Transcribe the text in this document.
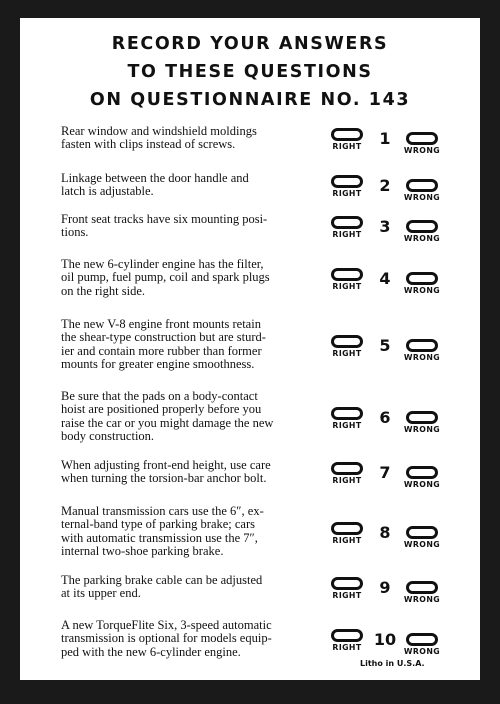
RECORD YOUR ANSWERS
TO THESE QUESTIONS
ON QUESTIONNAIRE NO. 143
Rear window and windshield moldings
fasten with clips instead of screws.	RIGHT	1
WRONG
Linkage between the door handle and
latch is adjustable.	RIGHT	2
WRONG
Front seat tracks have six mounting posi-
tions.	RIGHT	3
WRONG
The new 6-cylinder engine has the filter,
oil pump, fuel pump, coil and spark plugs
on the right side.	RIGHT	4
WRONG
The new V-8 engine front mounts retain
the shear-type construction but are sturd-
ier and contain more rubber than former
mounts for greater engine smoothness.
RIGHT	5
WRONG
Be sure that the pads on a body-contact
hoist are positioned properly before you
raise the car or you might damage the new
body construction.
RIGHT	6
WRONG
When adjusting front-end height, use care
when turning the torsion-bar anchor bolt.	RIGHT	7
WRONG
Manual transmission cars use the 6″, ex-
ternal-band type of parking brake; cars
with automatic transmission use the 7″,
internal two-shoe parking brake.
RIGHT	8
WRONG
The parking brake cable can be adjusted
at its upper end.	RIGHT	9
WRONG
A new TorqueFlite Six, 3-speed automatic
transmission is optional for models equip-
ped with the new 6-cylinder engine.	RIGHT 10
WRONG
Litho in U.S.A.
